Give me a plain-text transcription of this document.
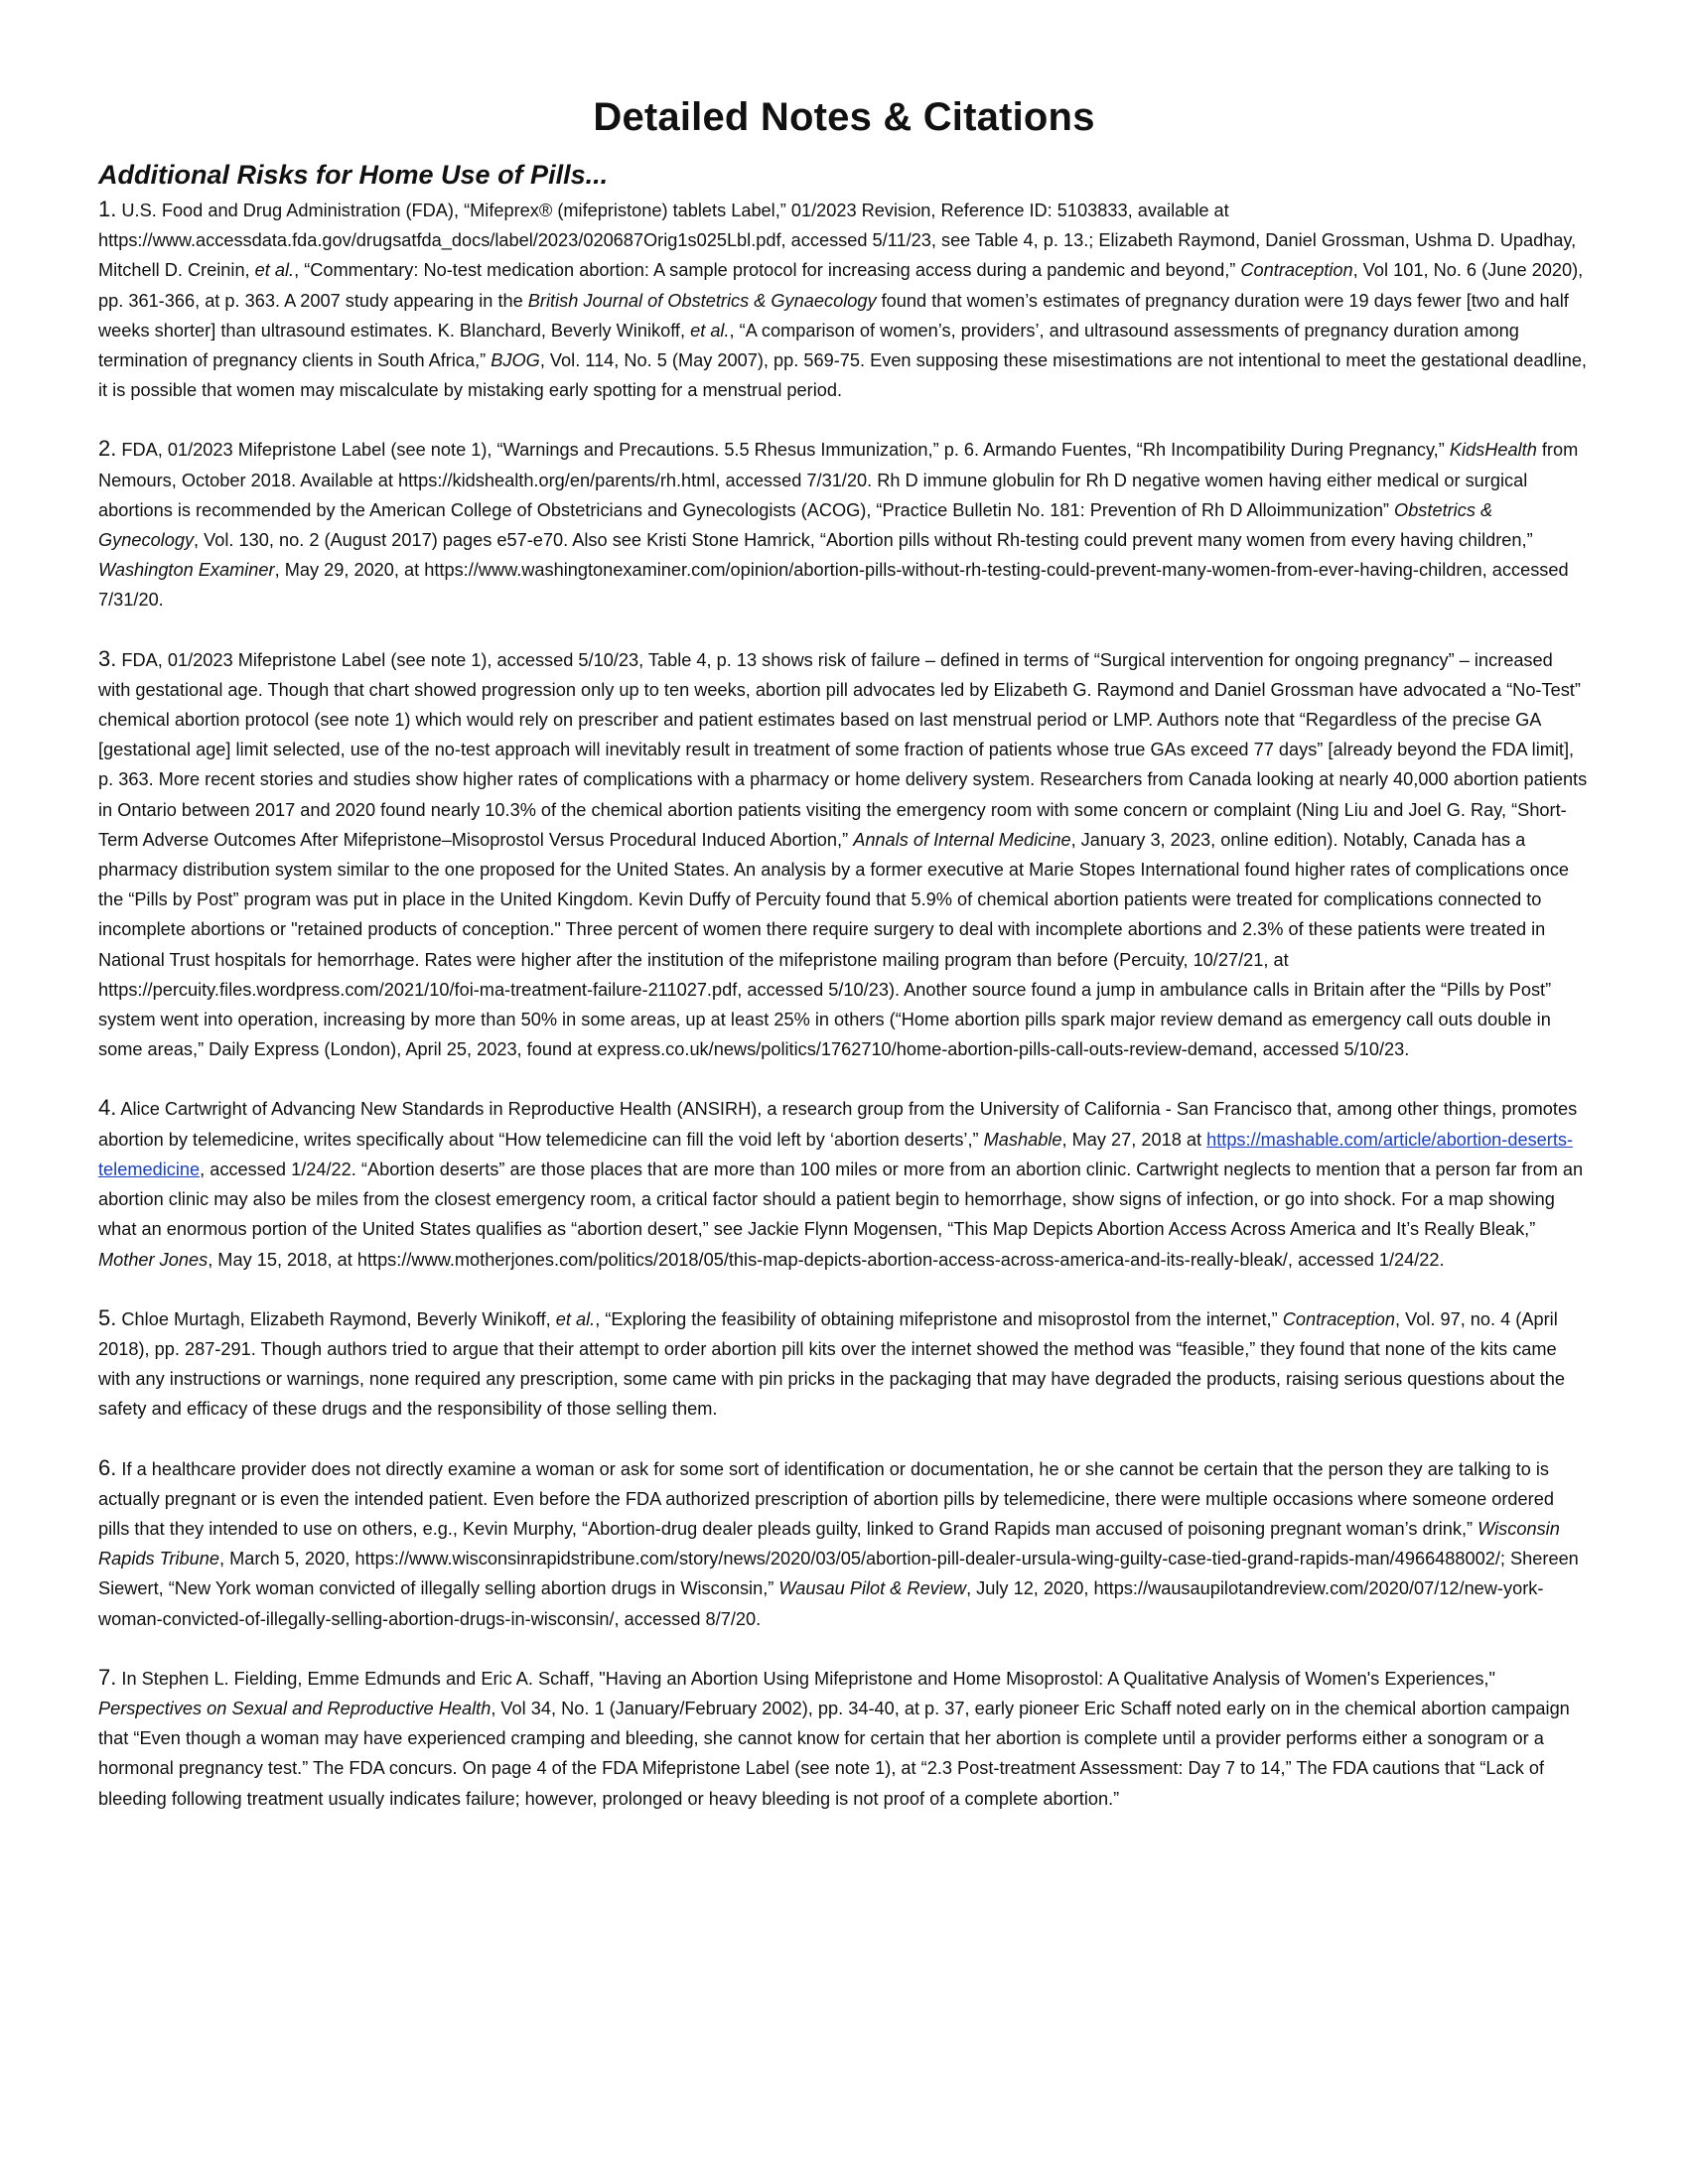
Detailed Notes & Citations
Additional Risks for Home Use of Pills...
1. U.S. Food and Drug Administration (FDA), “Mifeprex® (mifepristone) tablets Label,” 01/2023 Revision, Reference ID: 5103833, available at https://www.accessdata.fda.gov/drugsatfda_docs/label/2023/020687Orig1s025Lbl.pdf, accessed 5/11/23, see Table 4, p. 13.; Elizabeth Raymond, Daniel Grossman, Ushma D. Upadhay, Mitchell D. Creinin, et al., “Commentary: No-test medication abortion: A sample protocol for increasing access during a pandemic and beyond,” Contraception, Vol 101, No. 6 (June 2020), pp. 361-366, at p. 363. A 2007 study appearing in the British Journal of Obstetrics & Gynaecology found that women’s estimates of pregnancy duration were 19 days fewer [two and half weeks shorter] than ultrasound estimates. K. Blanchard, Beverly Winikoff, et al., “A comparison of women’s, providers’, and ultrasound assessments of pregnancy duration among termination of pregnancy clients in South Africa,” BJOG, Vol. 114, No. 5 (May 2007), pp. 569-75. Even supposing these misestimations are not intentional to meet the gestational deadline, it is possible that women may miscalculate by mistaking early spotting for a menstrual period.
2. FDA, 01/2023 Mifepristone Label (see note 1), “Warnings and Precautions. 5.5 Rhesus Immunization,” p. 6. Armando Fuentes, “Rh Incompatibility During Pregnancy,” KidsHealth from Nemours, October 2018. Available at https://kidshealth.org/en/parents/rh.html, accessed 7/31/20. Rh D immune globulin for Rh D negative women having either medical or surgical abortions is recommended by the American College of Obstetricians and Gynecologists (ACOG), “Practice Bulletin No. 181: Prevention of Rh D Alloimmunization” Obstetrics & Gynecology, Vol. 130, no. 2 (August 2017) pages e57-e70. Also see Kristi Stone Hamrick, “Abortion pills without Rh-testing could prevent many women from every having children,” Washington Examiner, May 29, 2020, at https://www.washingtonexaminer.com/opinion/abortion-pills-without-rh-testing-could-prevent-many-women-from-ever-having-children, accessed 7/31/20.
3. FDA, 01/2023 Mifepristone Label (see note 1), accessed 5/10/23, Table 4, p. 13 shows risk of failure – defined in terms of “Surgical intervention for ongoing pregnancy” – increased with gestational age. Though that chart showed progression only up to ten weeks, abortion pill advocates led by Elizabeth G. Raymond and Daniel Grossman have advocated a “No-Test” chemical abortion protocol (see note 1) which would rely on prescriber and patient estimates based on last menstrual period or LMP. Authors note that “Regardless of the precise GA [gestational age] limit selected, use of the no-test approach will inevitably result in treatment of some fraction of patients whose true GAs exceed 77 days” [already beyond the FDA limit], p. 363. More recent stories and studies show higher rates of complications with a pharmacy or home delivery system. Researchers from Canada looking at nearly 40,000 abortion patients in Ontario between 2017 and 2020 found nearly 10.3% of the chemical abortion patients visiting the emergency room with some concern or complaint (Ning Liu and Joel G. Ray, “Short-Term Adverse Outcomes After Mifepristone–Misoprostol Versus Procedural Induced Abortion,” Annals of Internal Medicine, January 3, 2023, online edition). Notably, Canada has a pharmacy distribution system similar to the one proposed for the United States. An analysis by a former executive at Marie Stopes International found higher rates of complications once the “Pills by Post” program was put in place in the United Kingdom. Kevin Duffy of Percuity found that 5.9% of chemical abortion patients were treated for complications connected to incomplete abortions or "retained products of conception." Three percent of women there require surgery to deal with incomplete abortions and 2.3% of these patients were treated in National Trust hospitals for hemorrhage. Rates were higher after the institution of the mifepristone mailing program than before (Percuity, 10/27/21, at https://percuity.files.wordpress.com/2021/10/foi-ma-treatment-failure-211027.pdf, accessed 5/10/23). Another source found a jump in ambulance calls in Britain after the “Pills by Post” system went into operation, increasing by more than 50% in some areas, up at least 25% in others (“Home abortion pills spark major review demand as emergency call outs double in some areas,” Daily Express (London), April 25, 2023, found at express.co.uk/news/politics/1762710/home-abortion-pills-call-outs-review-demand, accessed 5/10/23.
4. Alice Cartwright of Advancing New Standards in Reproductive Health (ANSIRH), a research group from the University of California - San Francisco that, among other things, promotes abortion by telemedicine, writes specifically about “How telemedicine can fill the void left by ‘abortion deserts’,” Mashable, May 27, 2018 at https://mashable.com/article/abortion-deserts-telemedicine, accessed 1/24/22. “Abortion deserts” are those places that are more than 100 miles or more from an abortion clinic. Cartwright neglects to mention that a person far from an abortion clinic may also be miles from the closest emergency room, a critical factor should a patient begin to hemorrhage, show signs of infection, or go into shock. For a map showing what an enormous portion of the United States qualifies as “abortion desert,” see Jackie Flynn Mogensen, “This Map Depicts Abortion Access Across America and It’s Really Bleak,” Mother Jones, May 15, 2018, at https://www.motherjones.com/politics/2018/05/this-map-depicts-abortion-access-across-america-and-its-really-bleak/, accessed 1/24/22.
5. Chloe Murtagh, Elizabeth Raymond, Beverly Winikoff, et al., “Exploring the feasibility of obtaining mifepristone and misoprostol from the internet,” Contraception, Vol. 97, no. 4 (April 2018), pp. 287-291. Though authors tried to argue that their attempt to order abortion pill kits over the internet showed the method was “feasible,” they found that none of the kits came with any instructions or warnings, none required any prescription, some came with pin pricks in the packaging that may have degraded the products, raising serious questions about the safety and efficacy of these drugs and the responsibility of those selling them.
6. If a healthcare provider does not directly examine a woman or ask for some sort of identification or documentation, he or she cannot be certain that the person they are talking to is actually pregnant or is even the intended patient. Even before the FDA authorized prescription of abortion pills by telemedicine, there were multiple occasions where someone ordered pills that they intended to use on others, e.g., Kevin Murphy, “Abortion-drug dealer pleads guilty, linked to Grand Rapids man accused of poisoning pregnant woman’s drink,” Wisconsin Rapids Tribune, March 5, 2020, https://www.wisconsinrapidstribune.com/story/news/2020/03/05/abortion-pill-dealer-ursula-wing-guilty-case-tied-grand-rapids-man/4966488002/; Shereen Siewert, “New York woman convicted of illegally selling abortion drugs in Wisconsin,” Wausau Pilot & Review, July 12, 2020, https://wausaupilotandreview.com/2020/07/12/new-york-woman-convicted-of-illegally-selling-abortion-drugs-in-wisconsin/, accessed 8/7/20.
7. In Stephen L. Fielding, Emme Edmunds and Eric A. Schaff, "Having an Abortion Using Mifepristone and Home Misoprostol: A Qualitative Analysis of Women's Experiences," Perspectives on Sexual and Reproductive Health, Vol 34, No. 1 (January/February 2002), pp. 34-40, at p. 37, early pioneer Eric Schaff noted early on in the chemical abortion campaign that “Even though a woman may have experienced cramping and bleeding, she cannot know for certain that her abortion is complete until a provider performs either a sonogram or a hormonal pregnancy test.” The FDA concurs. On page 4 of the FDA Mifepristone Label (see note 1), at “2.3 Post-treatment Assessment: Day 7 to 14,” The FDA cautions that “Lack of bleeding following treatment usually indicates failure; however, prolonged or heavy bleeding is not proof of a complete abortion.”
